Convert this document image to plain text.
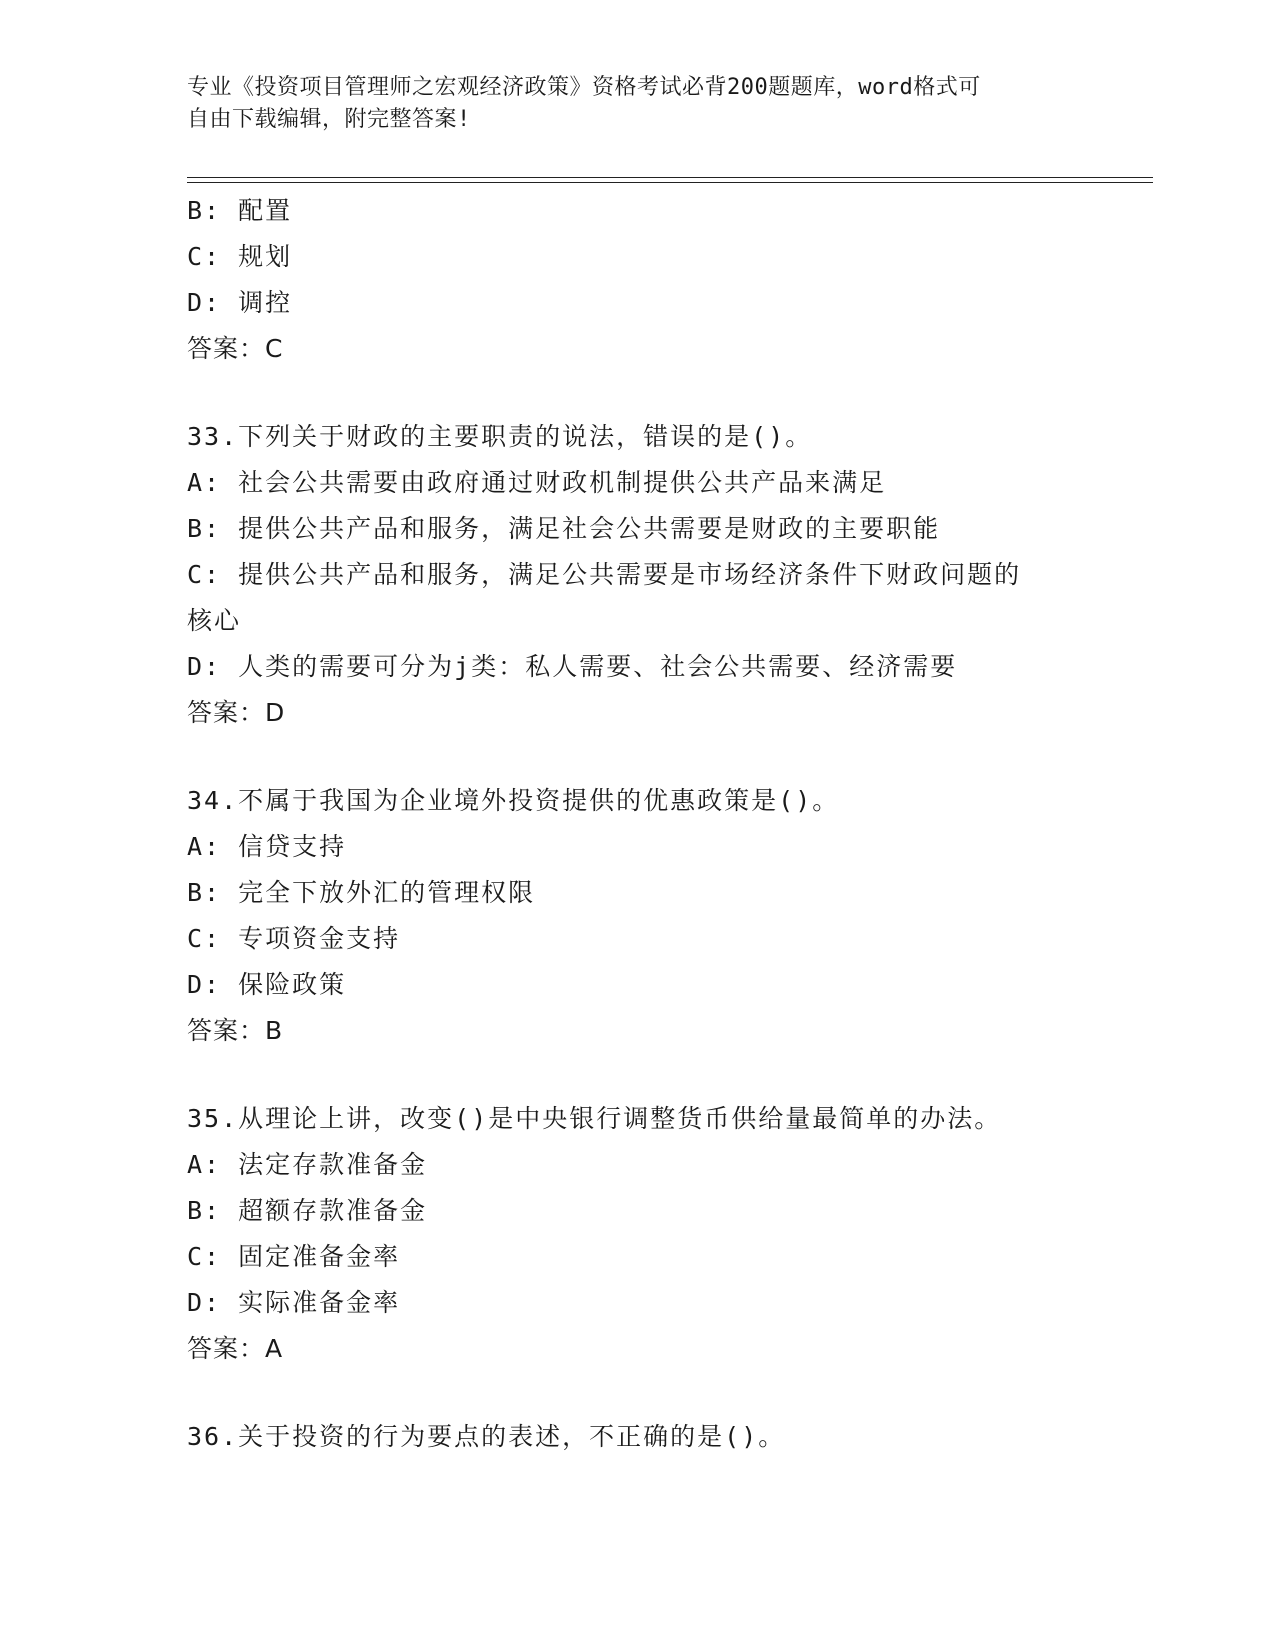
专业《投资项目管理师之宏观经济政策》资格考试必背200题题库，word格式可
自由下载编辑，附完整答案!
B: 配置
C: 规划
D: 调控
答案：C
33.下列关于财政的主要职责的说法，错误的是()。
A: 社会公共需要由政府通过财政机制提供公共产品来满足
B: 提供公共产品和服务，满足社会公共需要是财政的主要职能
C: 提供公共产品和服务，满足公共需要是市场经济条件下财政问题的
核心
D: 人类的需要可分为j类：私人需要、社会公共需要、经济需要
答案：D
34.不属于我国为企业境外投资提供的优惠政策是()。
A: 信贷支持
B: 完全下放外汇的管理权限
C: 专项资金支持
D: 保险政策
答案：B
35.从理论上讲，改变()是中央银行调整货币供给量最简单的办法。
A: 法定存款准备金
B: 超额存款准备金
C: 固定准备金率
D: 实际准备金率
答案：A
36.关于投资的行为要点的表述，不正确的是()。
